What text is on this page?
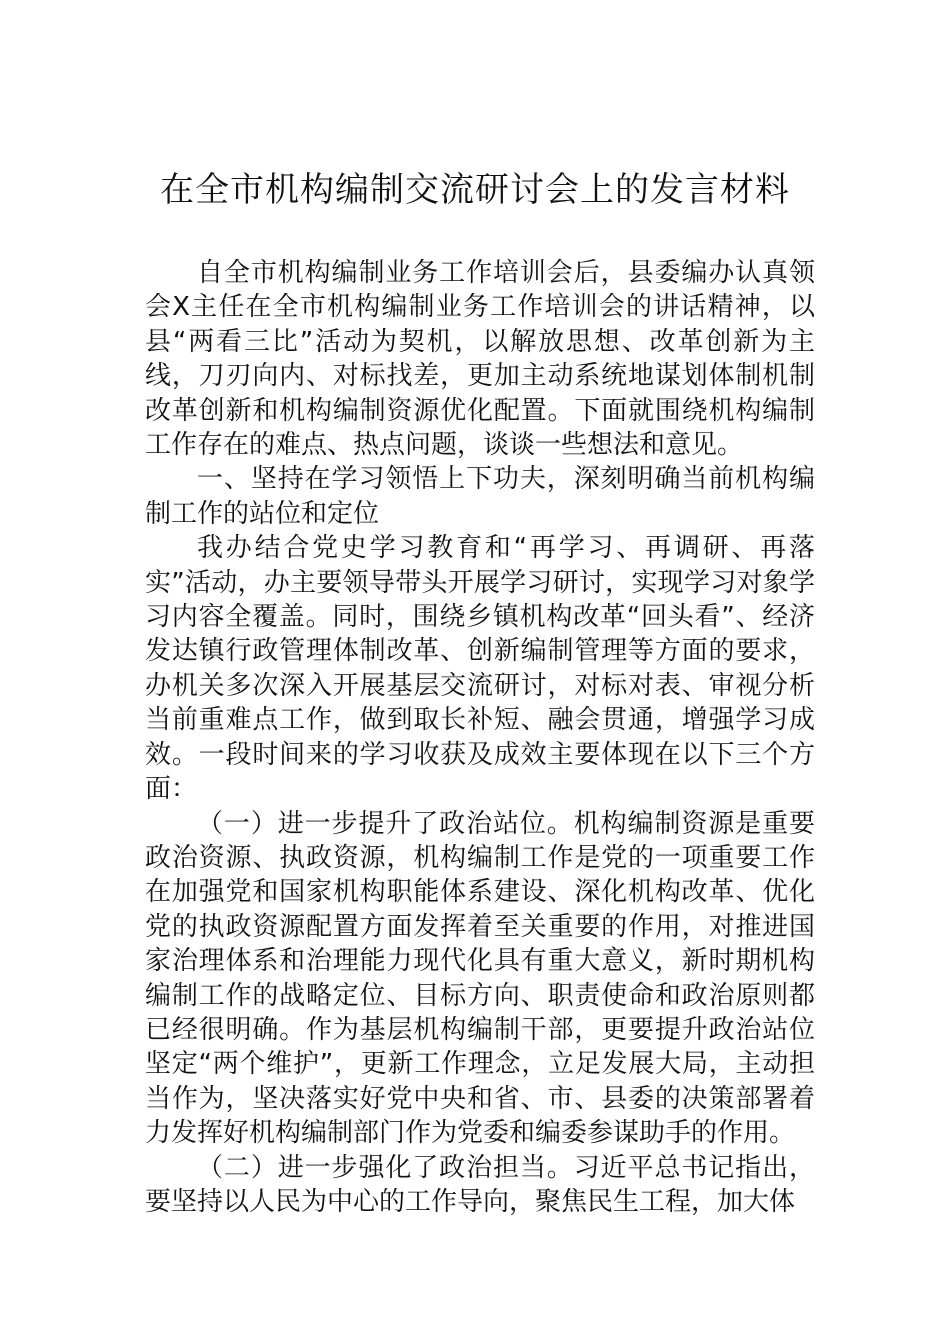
在全市机构编制交流研讨会上的发言材料

自全市机构编制业务工作培训会后，县委编办认真领会X主任在全市机构编制业务工作培训会的讲话精神，以县“两看三比”活动为契机，以解放思想、改革创新为主线，刀刃向内、对标找差，更加主动系统地谋划体制机制改革创新和机构编制资源优化配置。下面就围绕机构编制工作存在的难点、热点问题，谈谈一些想法和意见。

一、坚持在学习领悟上下功夫，深刻明确当前机构编制工作的站位和定位

我办结合党史学习教育和“再学习、再调研、再落实”活动，办主要领导带头开展学习研讨，实现学习对象学习内容全覆盖。同时，围绕乡镇机构改革“回头看”、经济发达镇行政管理体制改革、创新编制管理等方面的要求，办机关多次深入开展基层交流研讨，对标对表、审视分析当前重难点工作，做到取长补短、融会贯通，增强学习成效。一段时间来的学习收获及成效主要体现在以下三个方面：

（一）进一步提升了政治站位。机构编制资源是重要政治资源、执政资源，机构编制工作是党的一项重要工作在加强党和国家机构职能体系建设、深化机构改革、优化党的执政资源配置方面发挥着至关重要的作用，对推进国家治理体系和治理能力现代化具有重大意义，新时期机构编制工作的战略定位、目标方向、职责使命和政治原则都已经很明确。作为基层机构编制干部，更要提升政治站位坚定“两个维护”，更新工作理念，立足发展大局，主动担当作为，坚决落实好党中央和省、市、县委的决策部署着力发挥好机构编制部门作为党委和编委参谋助手的作用。

（二）进一步强化了政治担当。习近平总书记指出，要坚持以人民为中心的工作导向，聚焦民生工程，加大体
